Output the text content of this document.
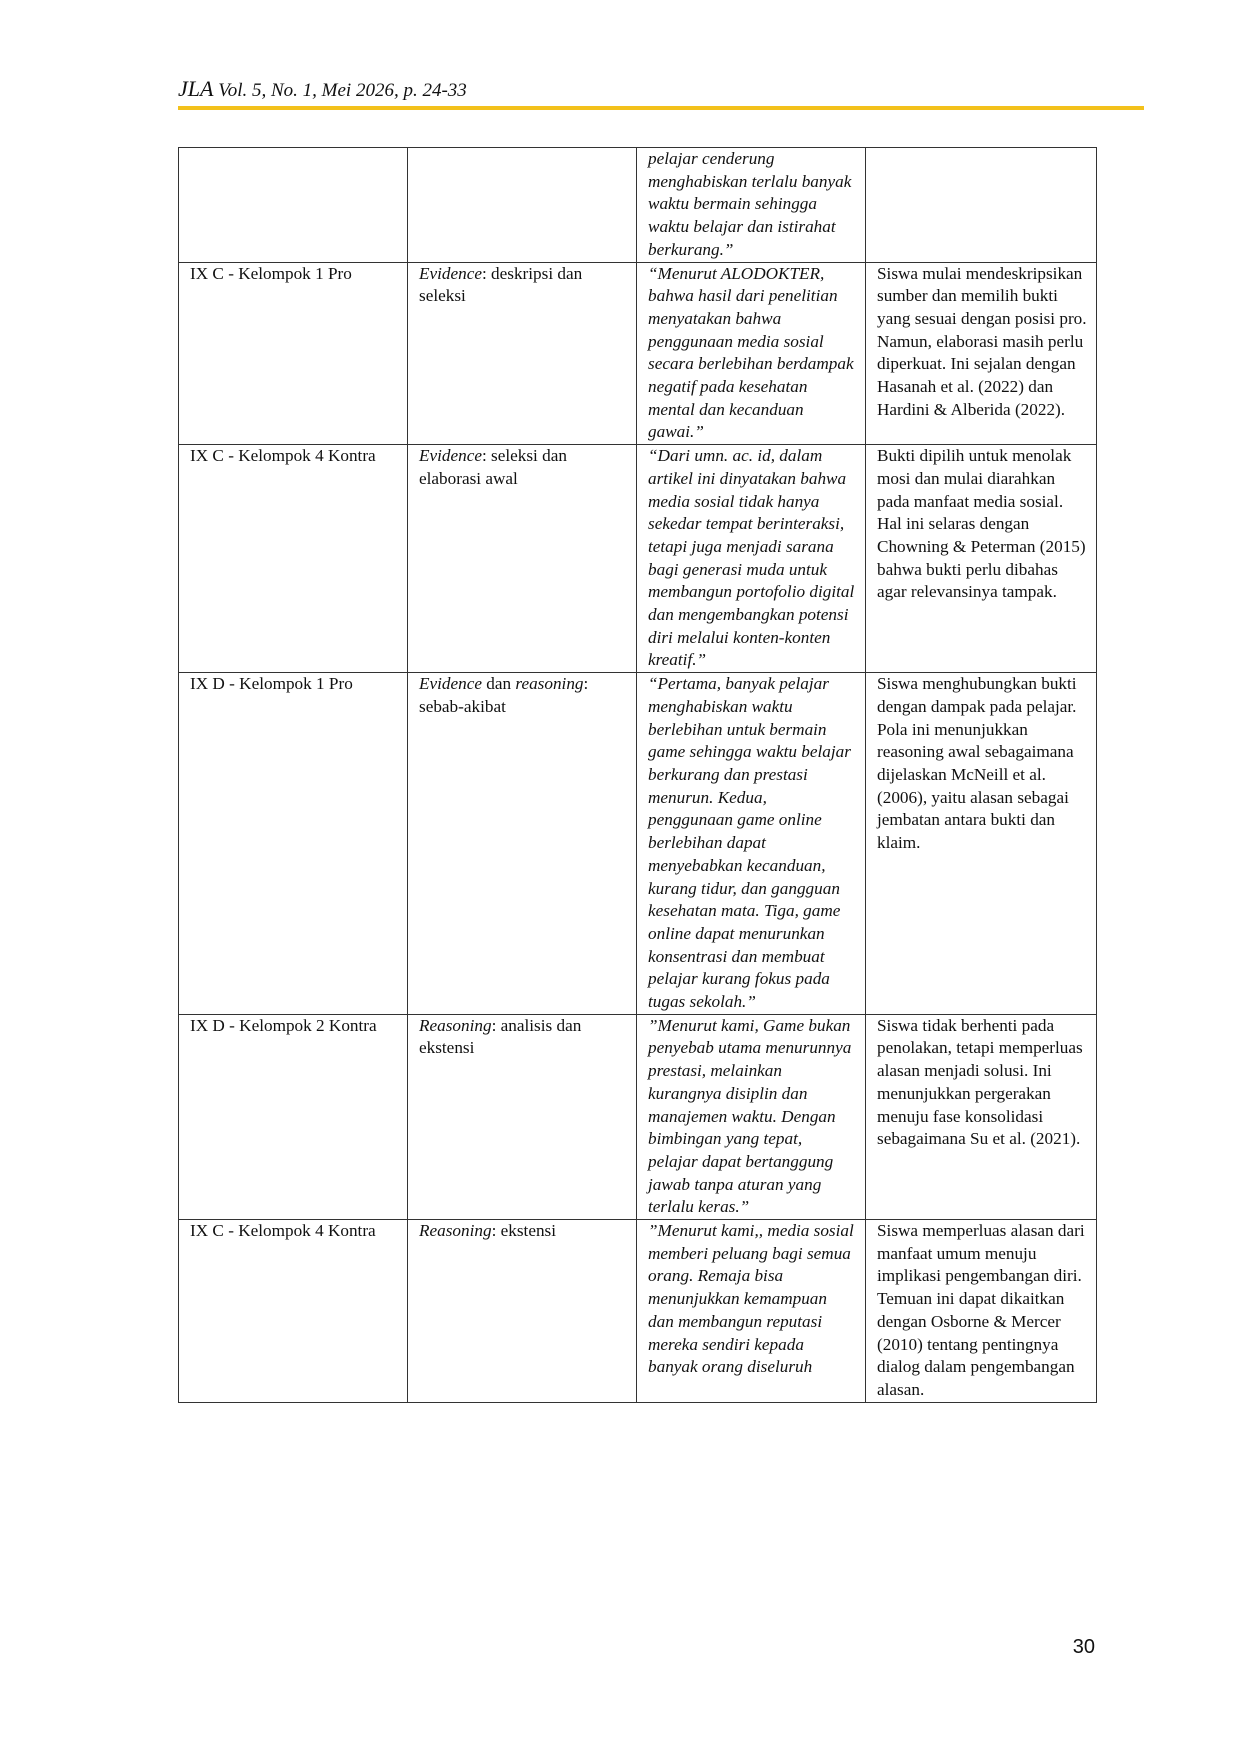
JLA Vol. 5, No. 1, Mei 2026, p. 24-33
		pelajar cenderung menghabiskan terlalu banyak waktu bermain sehingga waktu belajar dan istirahat berkurang.”	
IX C - Kelompok 1 Pro	Evidence: deskripsi dan seleksi	“Menurut ALODOKTER, bahwa hasil dari penelitian menyatakan bahwa penggunaan media sosial secara berlebihan berdampak negatif pada kesehatan mental dan kecanduan gawai.”	Siswa mulai mendeskripsikan sumber dan memilih bukti yang sesuai dengan posisi pro. Namun, elaborasi masih perlu diperkuat. Ini sejalan dengan Hasanah et al. (2022) dan Hardini & Alberida (2022).
IX C - Kelompok 4 Kontra	Evidence: seleksi dan elaborasi awal	“Dari umn. ac. id, dalam artikel ini dinyatakan bahwa media sosial tidak hanya sekedar tempat berinteraksi, tetapi juga menjadi sarana bagi generasi muda untuk membangun portofolio digital dan mengembangkan potensi diri melalui konten-konten kreatif.”	Bukti dipilih untuk menolak mosi dan mulai diarahkan pada manfaat media sosial. Hal ini selaras dengan Chowning & Peterman (2015) bahwa bukti perlu dibahas agar relevansinya tampak.
IX D - Kelompok 1 Pro	Evidence dan reasoning: sebab-akibat	“Pertama, banyak pelajar menghabiskan waktu berlebihan untuk bermain game sehingga waktu belajar berkurang dan prestasi menurun. Kedua, penggunaan game online berlebihan dapat menyebabkan kecanduan, kurang tidur, dan gangguan kesehatan mata. Tiga, game online dapat menurunkan konsentrasi dan membuat pelajar kurang fokus pada tugas sekolah.”	Siswa menghubungkan bukti dengan dampak pada pelajar. Pola ini menunjukkan reasoning awal sebagaimana dijelaskan McNeill et al. (2006), yaitu alasan sebagai jembatan antara bukti dan klaim.
IX D - Kelompok 2 Kontra	Reasoning: analisis dan ekstensi	”Menurut kami, Game bukan penyebab utama menurunnya prestasi, melainkan kurangnya disiplin dan manajemen waktu. Dengan bimbingan yang tepat, pelajar dapat bertanggung jawab tanpa aturan yang terlalu keras.”	Siswa tidak berhenti pada penolakan, tetapi memperluas alasan menjadi solusi. Ini menunjukkan pergerakan menuju fase konsolidasi sebagaimana Su et al. (2021).
IX C - Kelompok 4 Kontra	Reasoning: ekstensi	”Menurut kami,, media sosial memberi peluang bagi semua orang. Remaja bisa menunjukkan kemampuan dan membangun reputasi mereka sendiri kepada banyak orang diseluruh	Siswa memperluas alasan dari manfaat umum menuju implikasi pengembangan diri. Temuan ini dapat dikaitkan dengan Osborne & Mercer (2010) tentang pentingnya dialog dalam pengembangan alasan.
30
